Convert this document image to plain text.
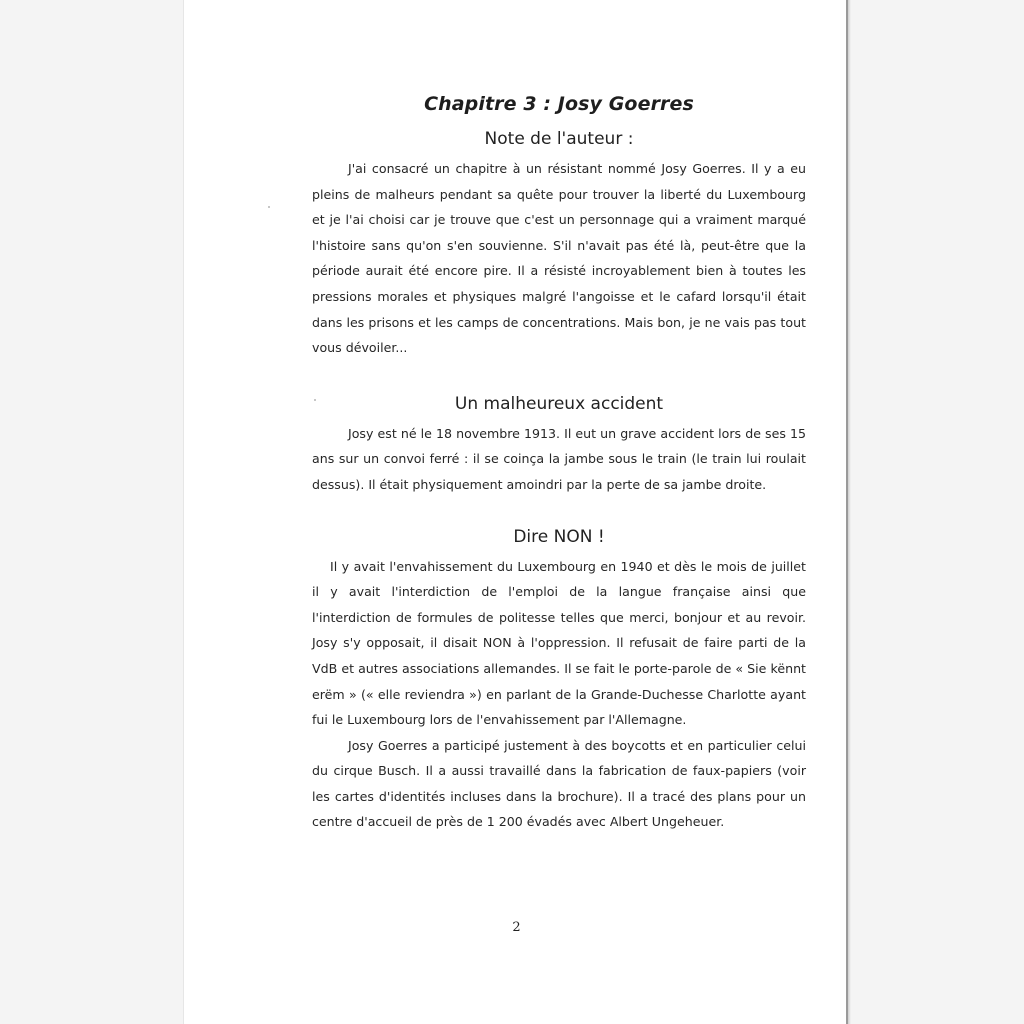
Chapitre 3 : Josy Goerres
Note de l'auteur :

J'ai consacré un chapitre à un résistant nommé Josy Goerres. Il y a eu pleins de malheurs pendant sa quête pour trouver la liberté du Luxembourg et je l'ai choisi car je trouve que c'est un personnage qui a vraiment marqué l'histoire sans qu'on s'en souvienne. S'il n'avait pas été là, peut-être que la période aurait été encore pire. Il a résisté incroyablement bien à toutes les pressions morales et physiques malgré l'angoisse et le cafard lorsqu'il était dans les prisons et les camps de concentrations. Mais bon, je ne vais pas tout vous dévoiler...

Un malheureux accident

Josy est né le 18 novembre 1913. Il eut un grave accident lors de ses 15 ans sur un convoi ferré : il se coinça la jambe sous le train (le train lui roulait dessus). Il était physiquement amoindri par la perte de sa jambe droite.

Dire NON !

Il y avait l'envahissement du Luxembourg en 1940 et dès le mois de juillet il y avait l'interdiction de l'emploi de la langue française ainsi que l'interdiction de formules de politesse telles que merci, bonjour et au revoir. Josy s'y opposait, il disait NON à l'oppression. Il refusait de faire parti de la VdB et autres associations allemandes. Il se fait le porte-parole de « Sie kënnt erëm » (« elle reviendra ») en parlant de la Grande-Duchesse Charlotte ayant fui le Luxembourg lors de l'envahissement par l'Allemagne.

Josy Goerres a participé justement à des boycotts et en particulier celui du cirque Busch. Il a aussi travaillé dans la fabrication de faux-papiers (voir les cartes d'identités incluses dans la brochure). Il a tracé des plans pour un centre d'accueil de près de 1 200 évadés avec Albert Ungeheuer.

2
